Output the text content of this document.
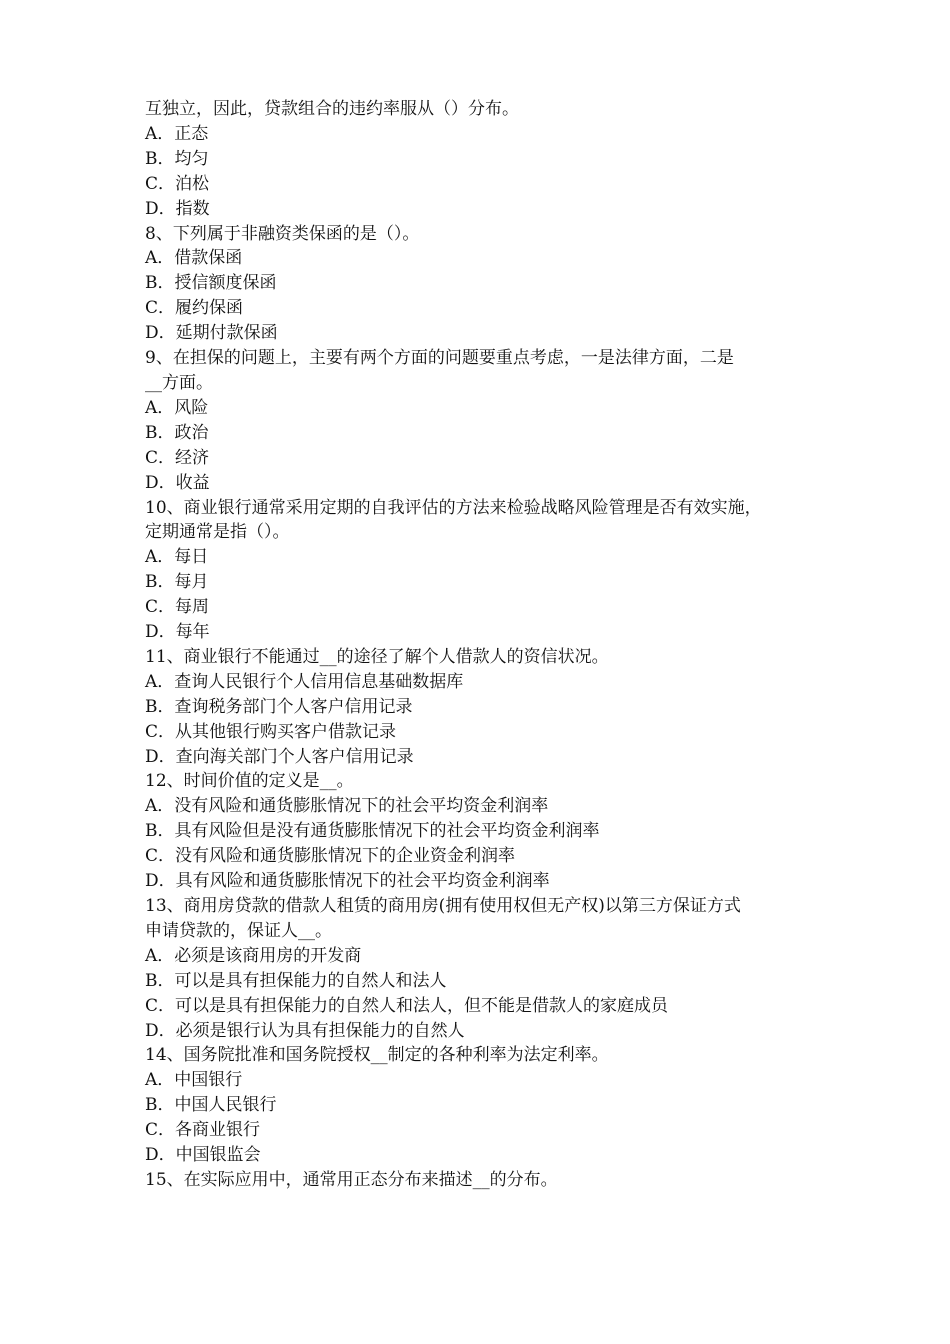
互独立，因此，贷款组合的违约率服从（）分布。
A．正态
B．均匀
C．泊松
D．指数
8、下列属于非融资类保函的是（）。
A．借款保函
B．授信额度保函
C．履约保函
D．延期付款保函
9、在担保的问题上，主要有两个方面的问题要重点考虑，一是法律方面，二是
__方面。
A．风险
B．政治
C．经济
D．收益
10、商业银行通常采用定期的自我评估的方法来检验战略风险管理是否有效实施，
定期通常是指（）。
A．每日
B．每月
C．每周
D．每年
11、商业银行不能通过__的途径了解个人借款人的资信状况。
A．查询人民银行个人信用信息基础数据库
B．查询税务部门个人客户信用记录
C．从其他银行购买客户借款记录
D．查向海关部门个人客户信用记录
12、时间价值的定义是__。
A．没有风险和通货膨胀情况下的社会平均资金利润率
B．具有风险但是没有通货膨胀情况下的社会平均资金利润率
C．没有风险和通货膨胀情况下的企业资金利润率
D．具有风险和通货膨胀情况下的社会平均资金利润率
13、商用房贷款的借款人租赁的商用房(拥有使用权但无产权)以第三方保证方式
申请贷款的，保证人__。
A．必须是该商用房的开发商
B．可以是具有担保能力的自然人和法人
C．可以是具有担保能力的自然人和法人，但不能是借款人的家庭成员
D．必须是银行认为具有担保能力的自然人
14、国务院批准和国务院授权__制定的各种利率为法定利率。
A．中国银行
B．中国人民银行
C．各商业银行
D．中国银监会
15、在实际应用中，通常用正态分布来描述__的分布。
